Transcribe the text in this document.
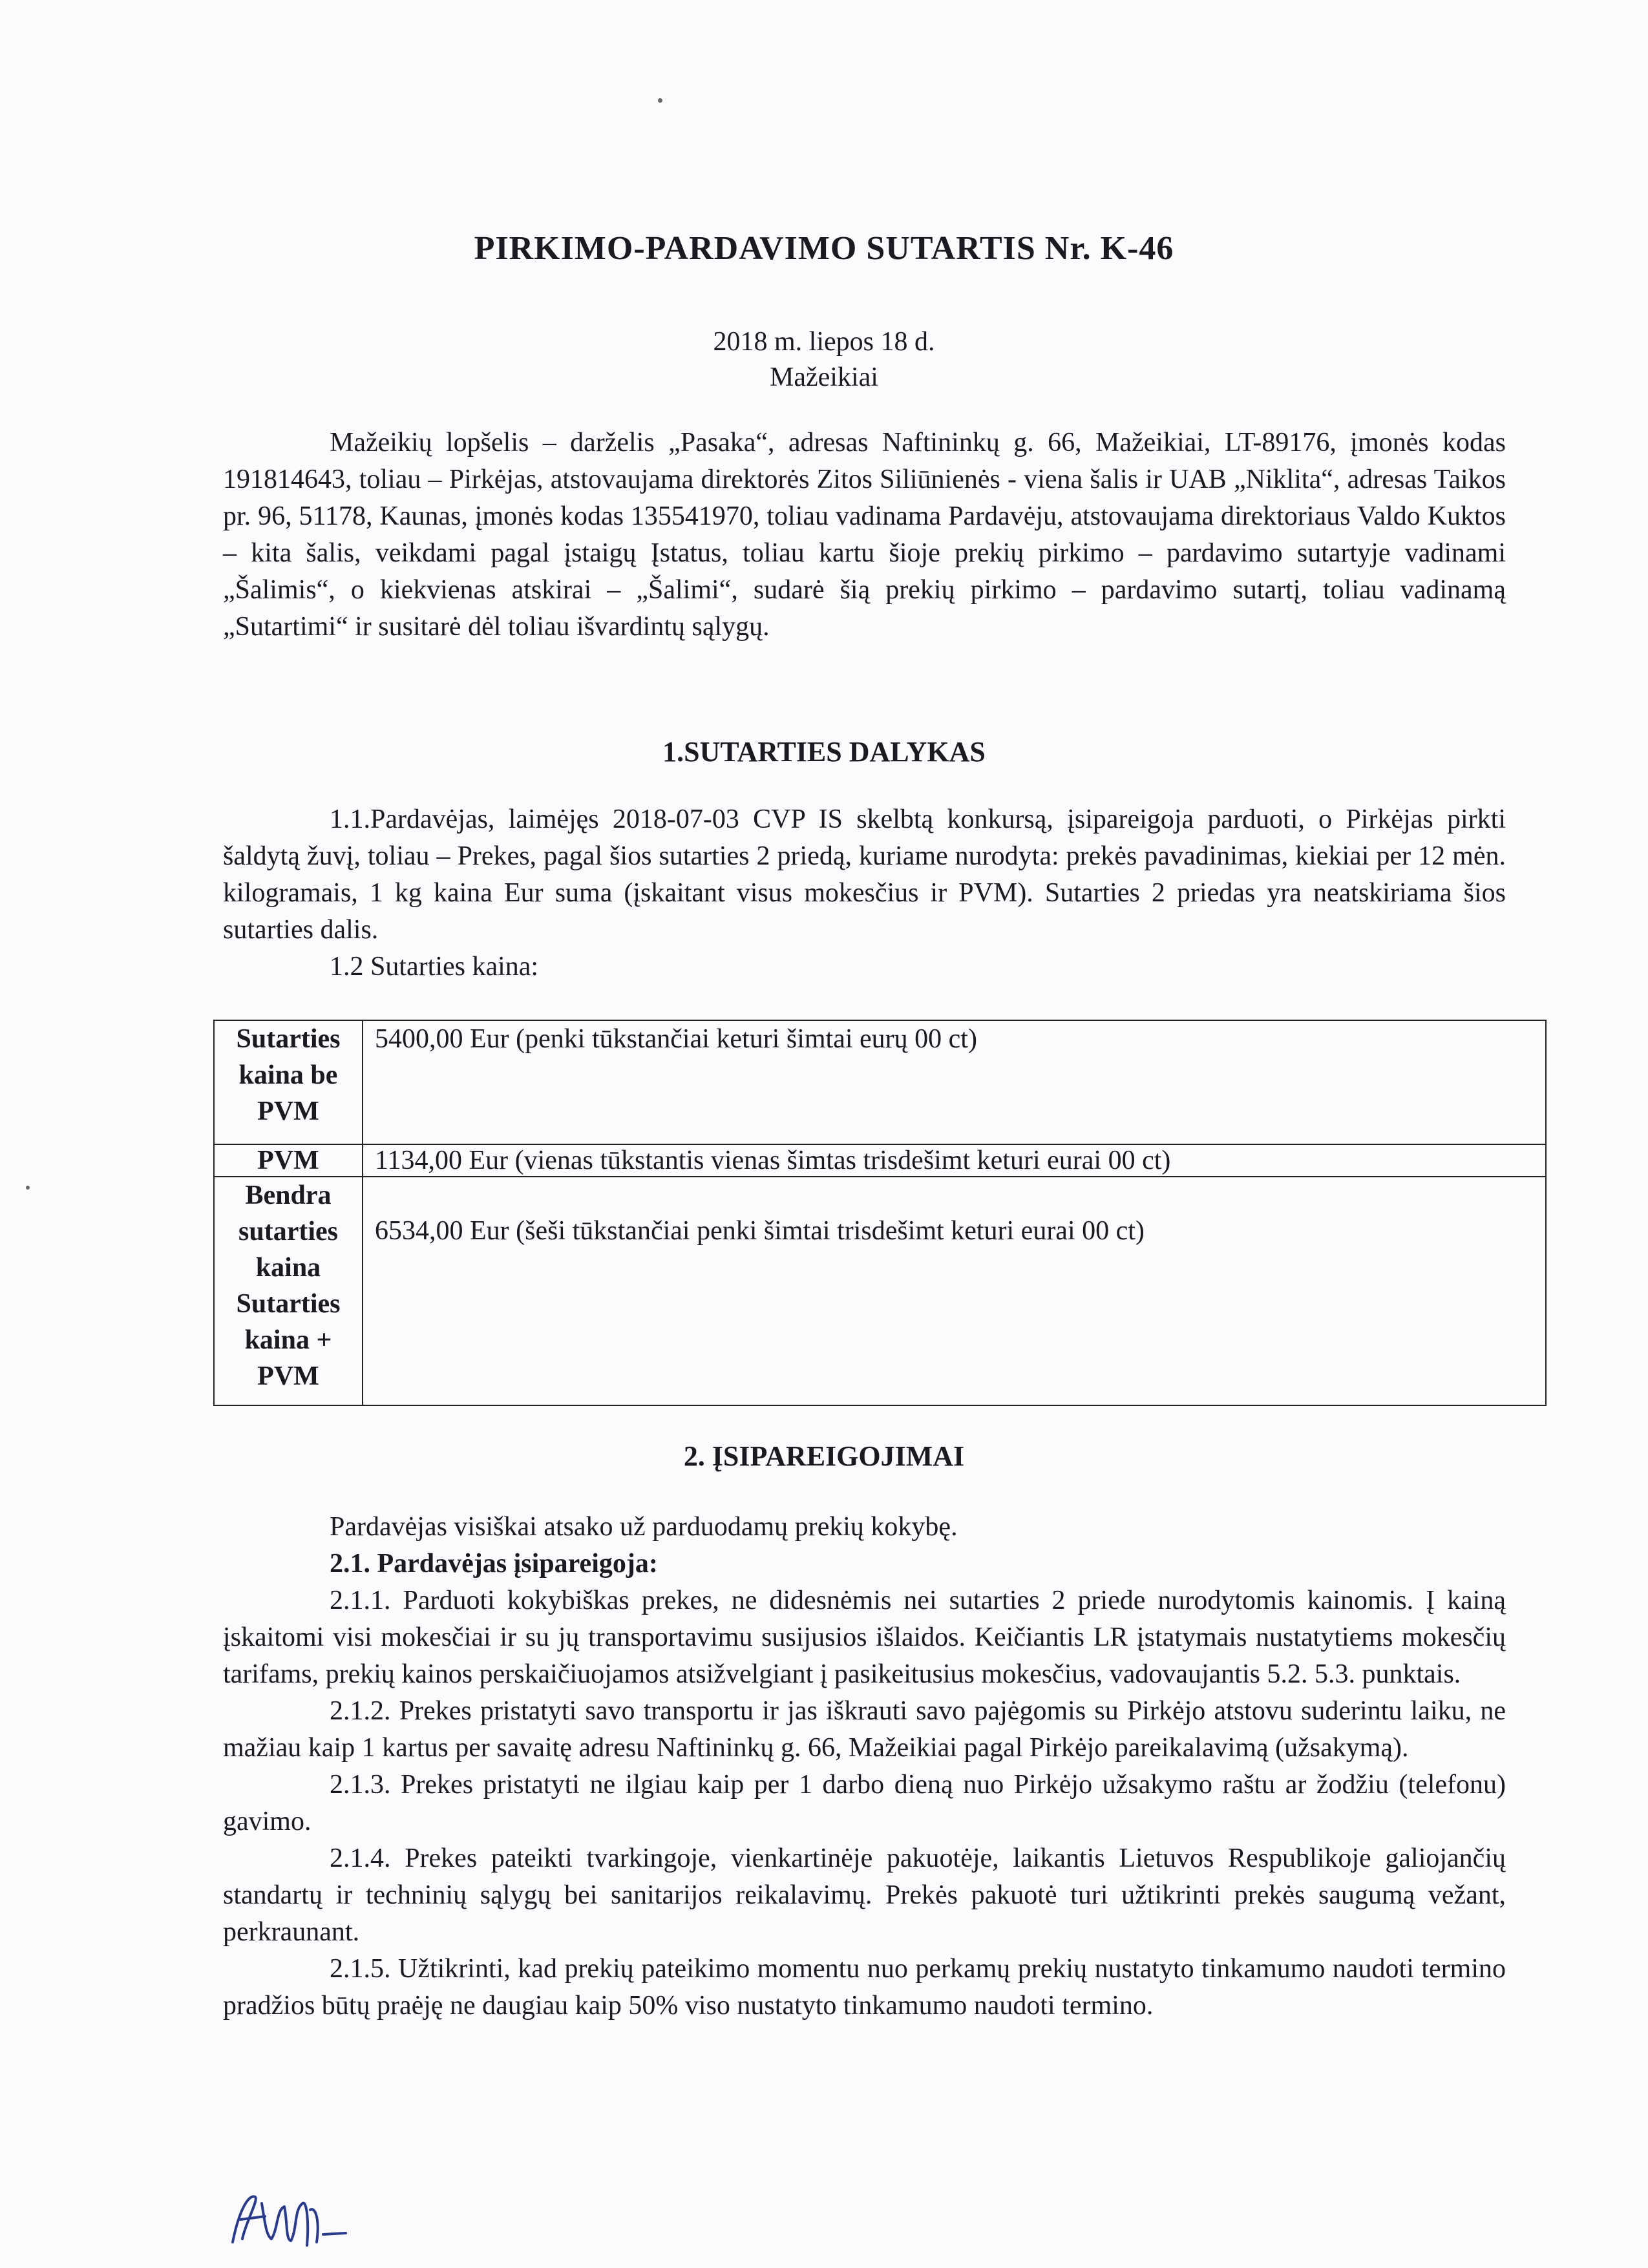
PIRKIMO-PARDAVIMO SUTARTIS Nr. K-46
2018 m. liepos 18 d.
Mažeikiai
Mažeikių lopšelis – darželis „Pasaka“, adresas Naftininkų g. 66, Mažeikiai, LT-89176, įmonės kodas 191814643, toliau – Pirkėjas, atstovaujama direktorės Zitos Siliūnienės - viena šalis ir UAB „Niklita“, adresas Taikos pr. 96, 51178, Kaunas, įmonės kodas 135541970, toliau vadinama Pardavėju, atstovaujama direktoriaus Valdo Kuktos – kita šalis, veikdami pagal įstaigų Įstatus, toliau kartu šioje prekių pirkimo – pardavimo sutartyje vadinami „Šalimis“, o kiekvienas atskirai – „Šalimi“, sudarė šią prekių pirkimo – pardavimo sutartį, toliau vadinamą „Sutartimi“ ir susitarė dėl toliau išvardintų sąlygų.
1.SUTARTIES DALYKAS

1.1.Pardavėjas, laimėjęs 2018-07-03 CVP IS skelbtą konkursą, įsipareigoja parduoti, o Pirkėjas pirkti šaldytą žuvį, toliau – Prekes, pagal šios sutarties 2 priedą, kuriame nurodyta: prekės pavadinimas, kiekiai per 12 mėn. kilogramais, 1 kg kaina Eur suma (įskaitant visus mokesčius ir PVM). Sutarties 2 priedas yra neatskiriama šios sutarties dalis.

1.2 Sutarties kaina:

Sutarties kaina be PVM	5400,00 Eur (penki tūkstančiai keturi šimtai eurų 00 ct)
PVM	1134,00 Eur (vienas tūkstantis vienas šimtas trisdešimt keturi eurai 00 ct)
Bendra sutarties kaina Sutarties kaina + PVM	6534,00 Eur (šeši tūkstančiai penki šimtai trisdešimt keturi eurai 00 ct)
2. ĮSIPAREIGOJIMAI

Pardavėjas visiškai atsako už parduodamų prekių kokybę.

2.1. Pardavėjas įsipareigoja:

2.1.1. Parduoti kokybiškas prekes, ne didesnėmis nei sutarties 2 priede nurodytomis kainomis. Į kainą įskaitomi visi mokesčiai ir su jų transportavimu susijusios išlaidos. Keičiantis LR įstatymais nustatytiems mokesčių tarifams, prekių kainos perskaičiuojamos atsižvelgiant į pasikeitusius mokesčius, vadovaujantis 5.2. 5.3. punktais.

2.1.2. Prekes pristatyti savo transportu ir jas iškrauti savo pajėgomis su Pirkėjo atstovu suderintu laiku, ne mažiau kaip 1 kartus per savaitę adresu Naftininkų g. 66, Mažeikiai pagal Pirkėjo pareikalavimą (užsakymą).

2.1.3. Prekes pristatyti ne ilgiau kaip per 1 darbo dieną nuo Pirkėjo užsakymo raštu ar žodžiu (telefonu) gavimo.

2.1.4. Prekes pateikti tvarkingoje, vienkartinėje pakuotėje, laikantis Lietuvos Respublikoje galiojančių standartų ir techninių sąlygų bei sanitarijos reikalavimų. Prekės pakuotė turi užtikrinti prekės saugumą vežant, perkraunant.

2.1.5. Užtikrinti, kad prekių pateikimo momentu nuo perkamų prekių nustatyto tinkamumo naudoti termino pradžios būtų praėję ne daugiau kaip 50% viso nustatyto tinkamumo naudoti termino.
